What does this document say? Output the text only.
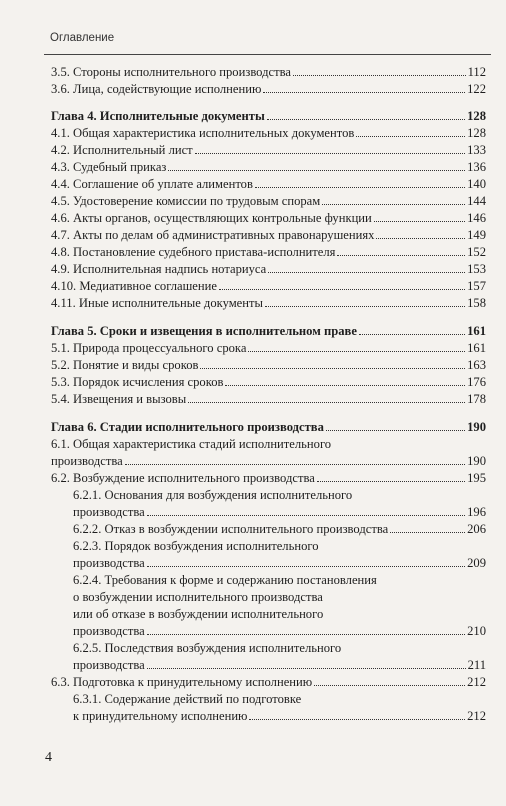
Оглавление
3.5. Стороны исполнительного производства	112
3.6. Лица, содействующие исполнению	122
Глава 4. Исполнительные документы	128
4.1. Общая характеристика исполнительных документов	128
4.2. Исполнительный лист	133
4.3. Судебный приказ	136
4.4. Соглашение об уплате алиментов	140
4.5. Удостоверение комиссии по трудовым спорам	144
4.6. Акты органов, осуществляющих контрольные функции	146
4.7. Акты по делам об административных правонарушениях	149
4.8. Постановление судебного пристава-исполнителя	152
4.9. Исполнительная надпись нотариуса	153
4.10. Медиативное соглашение	157
4.11. Иные исполнительные документы	158
Глава 5. Сроки и извещения в исполнительном праве	161
5.1. Природа процессуального срока	161
5.2. Понятие и виды сроков	163
5.3. Порядок исчисления сроков	176
5.4. Извещения и вызовы	178
Глава 6. Стадии исполнительного производства	190
6.1. Общая характеристика стадий исполнительного
производства	190
6.2. Возбуждение исполнительного производства	195
6.2.1. Основания для возбуждения исполнительного
производства	196
6.2.2. Отказ в возбуждении исполнительного производства	206
6.2.3. Порядок возбуждения исполнительного
производства	209
6.2.4. Требования к форме и содержанию постановления
о возбуждении исполнительного производства
или об отказе в возбуждении исполнительного
производства	210
6.2.5. Последствия возбуждения исполнительного
производства	211
6.3. Подготовка к принудительному исполнению	212
6.3.1. Содержание действий по подготовке
к принудительному исполнению	212
4
